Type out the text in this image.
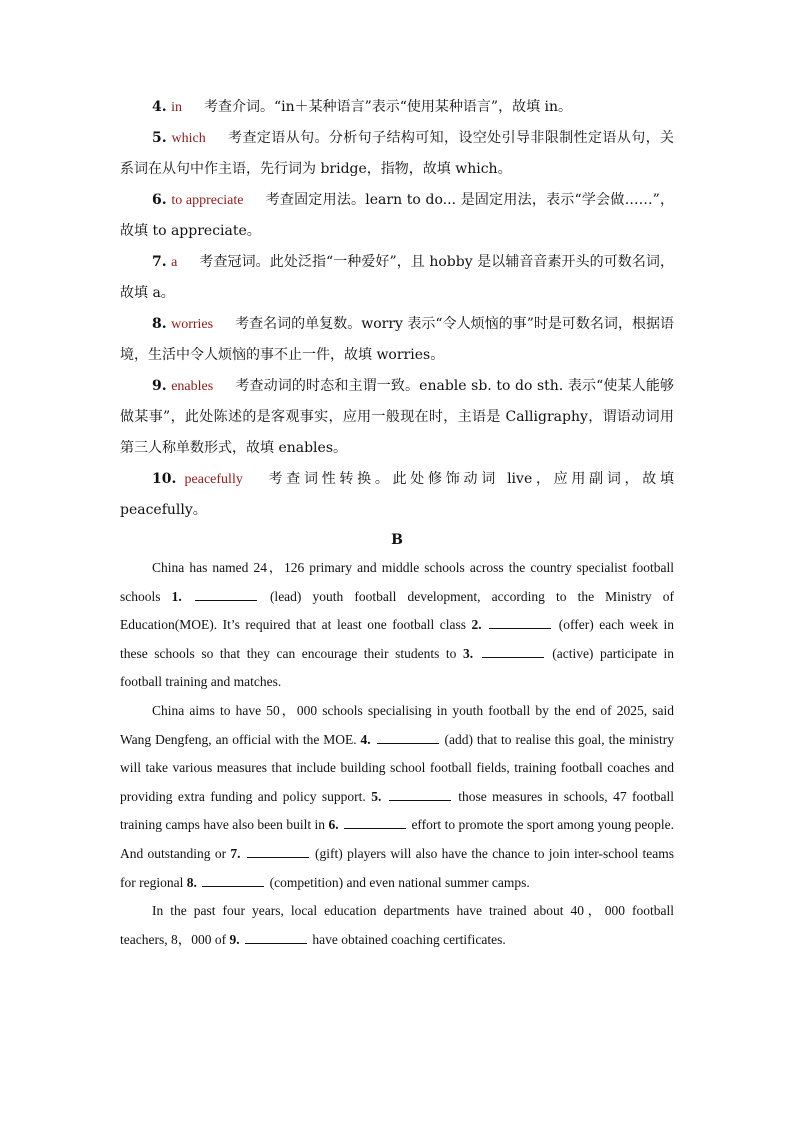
4. in 考查介词。“in＋某种语言”表示“使用某种语言”，故填 in。

5. which 考查定语从句。分析句子结构可知，设空处引导非限制性定语从句，关系词在从句中作主语，先行词为 bridge，指物，故填 which。

6. to appreciate 考查固定用法。learn to do... 是固定用法，表示“学会做……”，故填 to appreciate。

7. a 考查冠词。此处泛指“一种爱好”，且 hobby 是以辅音音素开头的可数名词，故填 a。

8. worries 考查名词的单复数。worry 表示“令人烦恼的事”时是可数名词，根据语境，生活中令人烦恼的事不止一件，故填 worries。

9. enables 考查动词的时态和主谓一致。enable sb. to do sth. 表示“使某人能够做某事”，此处陈述的是客观事实，应用一般现在时，主语是 Calligraphy，谓语动词用第三人称单数形式，故填 enables。

10. peacefully 考查词性转换。此处修饰动词 live，应用副词，故填 peacefully。

B

China has named 24，126 primary and middle schools across the country specialist football schools 1.	(lead) youth football development, according to the Ministry of Education(MOE). It’s required that at least one football class 2.	(offer) each week in these schools so that they can encourage their students to 3.	(active) participate in football training and matches.

China aims to have 50，000 schools specialising in youth football by the end of 2025, said Wang Dengfeng, an official with the MOE. 4.	(add) that to realise this goal, the ministry will take various measures that include building school football fields, training football coaches and providing extra funding and policy support. 5.	those measures in schools, 47 football training camps have also been built in 6.	effort to promote the sport among young people. And outstanding or 7.	(gift) players will also have the chance to join inter-school teams for regional 8.	(competition) and even national summer camps.

In the past four years, local education departments have trained about 40，000 football teachers, 8，000 of 9.	have obtained coaching certificates.
